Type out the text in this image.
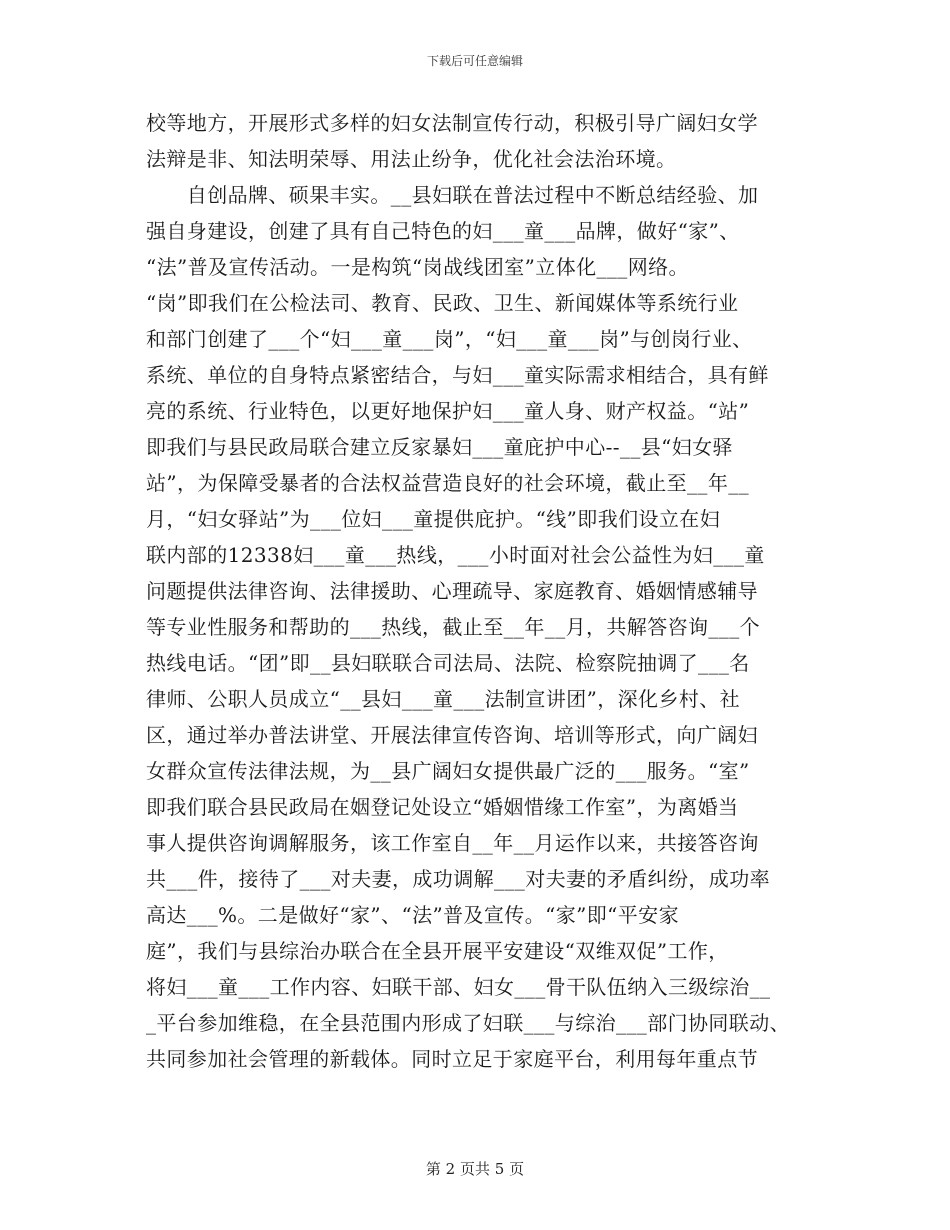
下载后可任意编辑
校等地方，开展形式多样的妇女法制宣传行动，积极引导广阔妇女学
法辩是非、知法明荣辱、用法止纷争，优化社会法治环境。
　　自创品牌、硕果丰实。__县妇联在普法过程中不断总结经验、加
强自身建设，创建了具有自己特色的妇___童___品牌，做好“家”、
“法”普及宣传活动。一是构筑“岗战线团室”立体化___网络。
“岗”即我们在公检法司、教育、民政、卫生、新闻媒体等系统行业
和部门创建了___个“妇___童___岗”，“妇___童___岗”与创岗行业、
系统、单位的自身特点紧密结合，与妇___童实际需求相结合，具有鲜
亮的系统、行业特色，以更好地保护妇___童人身、财产权益。“站”
即我们与县民政局联合建立反家暴妇___童庇护中心--__县“妇女驿
站”，为保障受暴者的合法权益营造良好的社会环境，截止至__年__
月，“妇女驿站”为___位妇___童提供庇护。“线”即我们设立在妇
联内部的12338妇___童___热线，___小时面对社会公益性为妇___童
问题提供法律咨询、法律援助、心理疏导、家庭教育、婚姻情感辅导
等专业性服务和帮助的___热线，截止至__年__月，共解答咨询___个
热线电话。“团”即__县妇联联合司法局、法院、检察院抽调了___名
律师、公职人员成立“__县妇___童___法制宣讲团”，深化乡村、社
区，通过举办普法讲堂、开展法律宣传咨询、培训等形式，向广阔妇
女群众宣传法律法规，为__县广阔妇女提供最广泛的___服务。“室”
即我们联合县民政局在姻登记处设立“婚姻惜缘工作室”，为离婚当
事人提供咨询调解服务，该工作室自__年__月运作以来，共接答咨询
共___件，接待了___对夫妻，成功调解___对夫妻的矛盾纠纷，成功率
高达___%。二是做好“家”、“法”普及宣传。“家”即“平安家
庭”，我们与县综治办联合在全县开展平安建设“双维双促”工作，
将妇___童___工作内容、妇联干部、妇女___骨干队伍纳入三级综治__
_平台参加维稳，在全县范围内形成了妇联___与综治___部门协同联动、
共同参加社会管理的新载体。同时立足于家庭平台，利用每年重点节
第 2 页共 5 页
